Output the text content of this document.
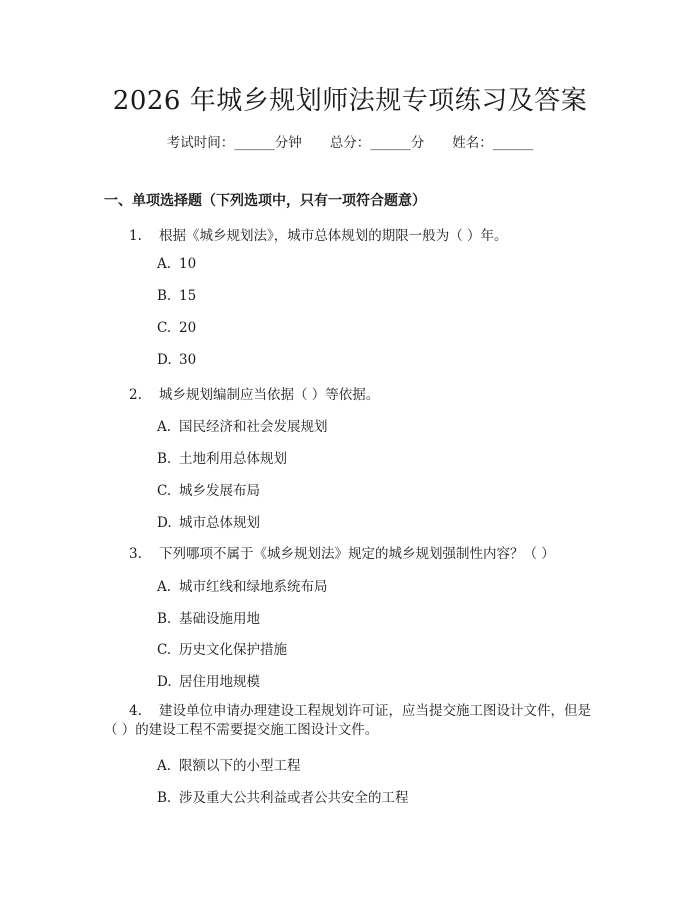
2026 年城乡规划师法规专项练习及答案
考试时间：______分钟 总分：______分 姓名：______
一、单项选择题（下列选项中，只有一项符合题意）
1. 根据《城乡规划法》，城市总体规划的期限一般为（ ）年。
A. 10
B. 15
C. 20
D. 30
2. 城乡规划编制应当依据（ ）等依据。
A. 国民经济和社会发展规划
B. 土地利用总体规划
C. 城乡发展布局
D. 城市总体规划
3. 下列哪项不属于《城乡规划法》规定的城乡规划强制性内容？（ ）
A. 城市红线和绿地系统布局
B. 基础设施用地
C. 历史文化保护措施
D. 居住用地规模
4. 建设单位申请办理建设工程规划许可证，应当提交施工图设计文件，但是（ ）的建设工程不需要提交施工图设计文件。
A. 限额以下的小型工程
B. 涉及重大公共利益或者公共安全的工程
